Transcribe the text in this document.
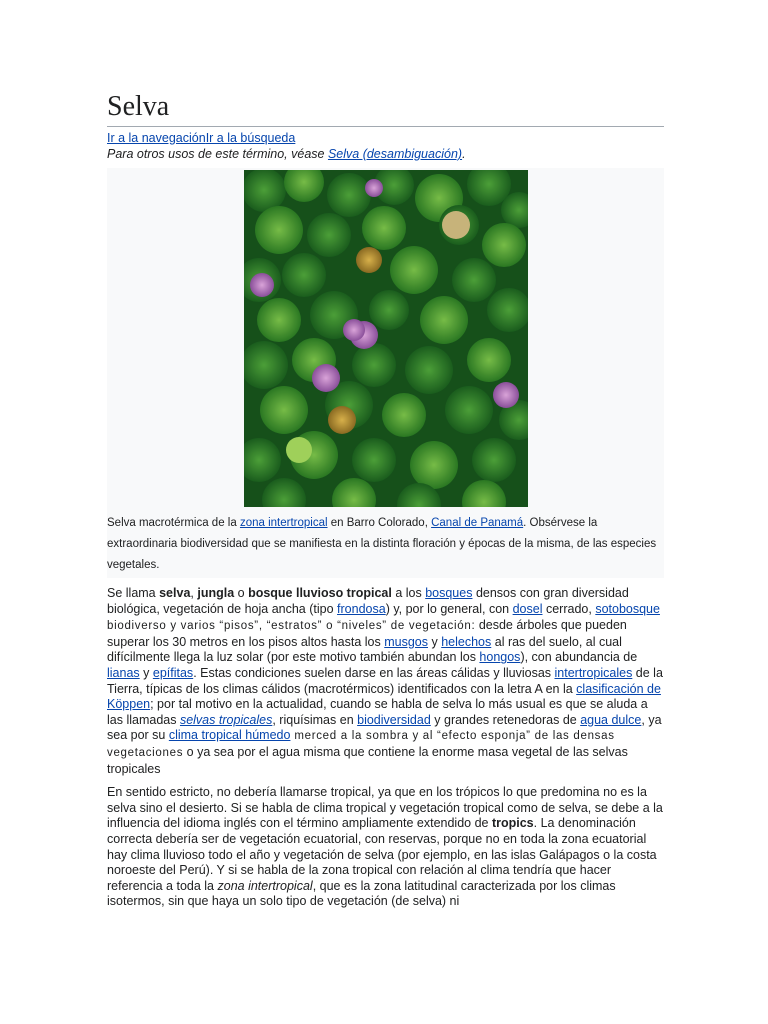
Selva
Ir a la navegaciónIr a la búsqueda
Para otros usos de este término, véase Selva (desambiguación).
Selva macrotérmica de la zona intertropical en Barro Colorado, Canal de Panamá. Obsérvese la extraordinaria biodiversidad que se manifiesta en la distinta floración y épocas de la misma, de las especies vegetales.

Se llama selva, jungla o bosque lluvioso tropical a los bosques densos con gran diversidad biológica, vegetación de hoja ancha (tipo frondosa) y, por lo general, con dosel cerrado, sotobosque biodiverso y varios “pisos”, “estratos” o “niveles” de vegetación: desde árboles que pueden superar los 30 metros en los pisos altos hasta los musgos y helechos al ras del suelo, al cual difícilmente llega la luz solar (por este motivo también abundan los hongos), con abundancia de lianas y epífitas. Estas condiciones suelen darse en las áreas cálidas y lluviosas intertropicales de la Tierra, típicas de los climas cálidos (macrotérmicos) identificados con la letra A en la clasificación de Köppen; por tal motivo en la actualidad, cuando se habla de selva lo más usual es que se aluda a las llamadas selvas tropicales, riquísimas en biodiversidad y grandes retenedoras de agua dulce, ya sea por su clima tropical húmedo merced a la sombra y al “efecto esponja” de las densas vegetaciones o ya sea por el agua misma que contiene la enorme masa vegetal de las selvas tropicales

En sentido estricto, no debería llamarse tropical, ya que en los trópicos lo que predomina no es la selva sino el desierto. Si se habla de clima tropical y vegetación tropical como de selva, se debe a la influencia del idioma inglés con el término ampliamente extendido de tropics. La denominación correcta debería ser de vegetación ecuatorial, con reservas, porque no en toda la zona ecuatorial hay clima lluvioso todo el año y vegetación de selva (por ejemplo, en las islas Galápagos o la costa noroeste del Perú). Y si se habla de la zona tropical con relación al clima tendría que hacer referencia a toda la zona intertropical, que es la zona latitudinal caracterizada por los climas isotermos, sin que haya un solo tipo de vegetación (de selva) ni
